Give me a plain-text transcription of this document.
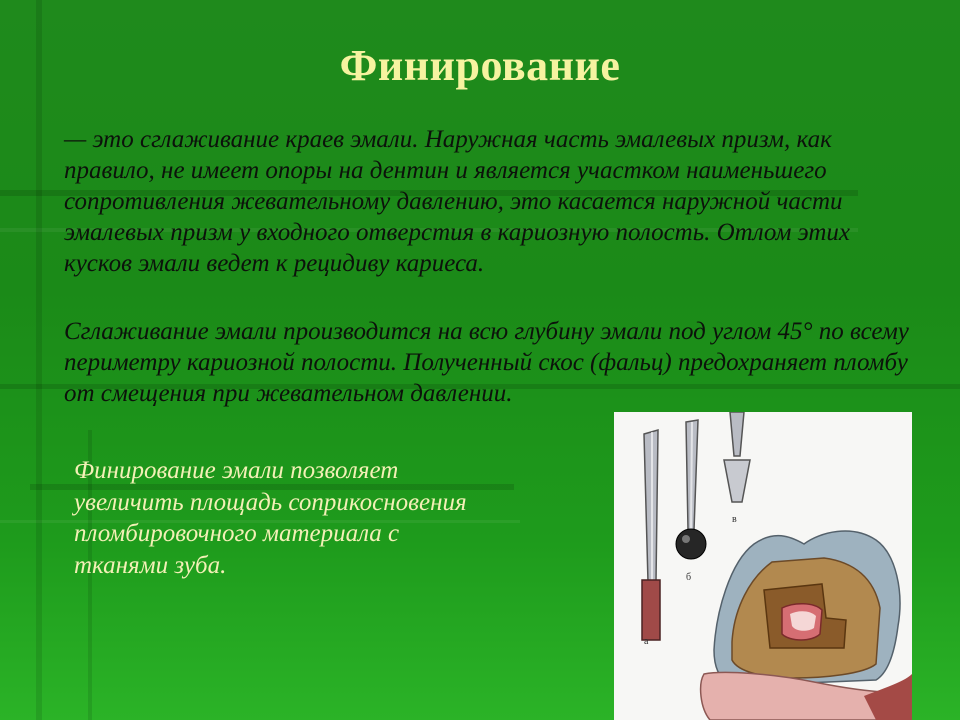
Финирование

— это сглаживание краев эмали. Наружная часть эмалевых призм, как правило, не имеет опоры на дентин и является участком наименьшего сопротивления жевательному давлению, это касается наружной части эмалевых призм у входного отверстия в кариозную полость. Отлом этих кусков эмали ведет к рецидиву кариеса.

Сглаживание эмали производится на всю глубину эмали под углом 45° по всему периметру кариозной полости. Полученный скос (фальц) предохраняет пломбу от смещения при жевательном давлении.

Финирование эмали позволяет увеличить площадь соприкосновения пломбировочного материала с тканями зуба.

а
б
в
